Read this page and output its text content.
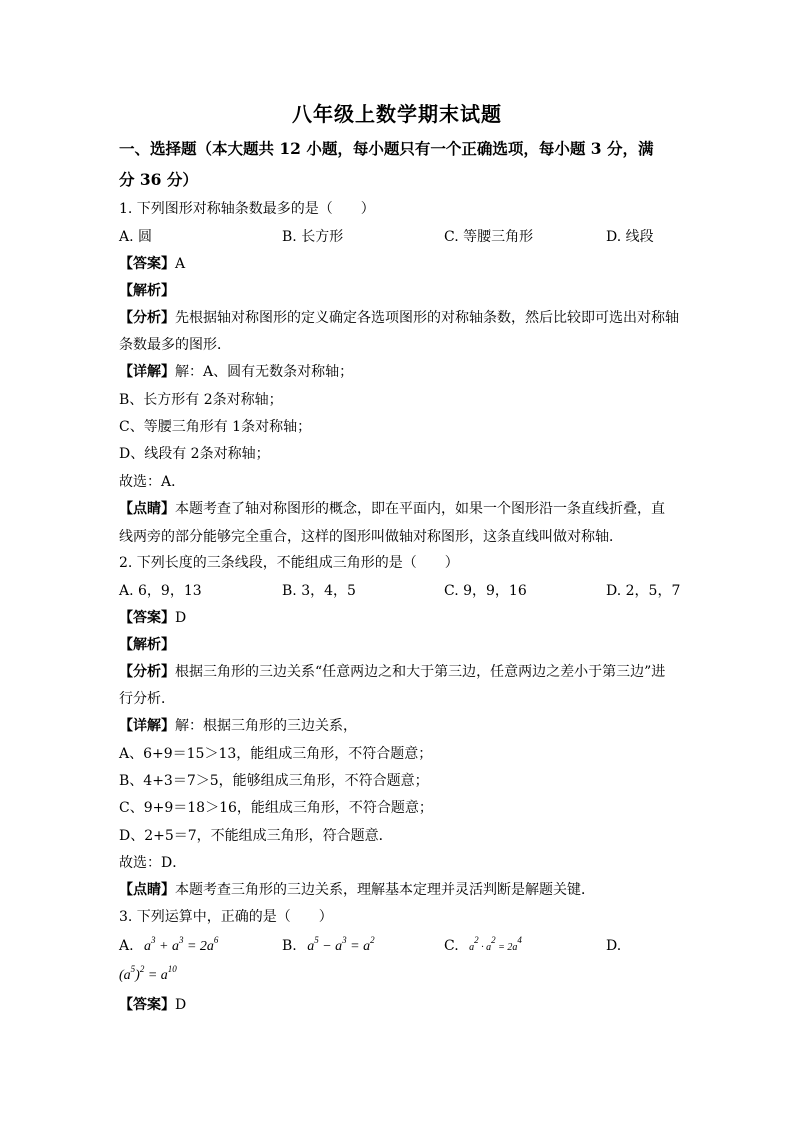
八年级上数学期末试题
一、选择题（本大题共 12 小题，每小题只有一个正确选项，每小题 3 分，满
分 36 分）
1. 下列图形对称轴条数最多的是（　　）
A. 圆	B. 长方形	C. 等腰三角形	D. 线段
【答案】A
【解析】
【分析】先根据轴对称图形的定义确定各选项图形的对称轴条数，然后比较即可选出对称轴
条数最多的图形．
【详解】解：A、圆有无数条对称轴；
B、长方形有 2条对称轴；
C、等腰三角形有 1条对称轴；
D、线段有 2条对称轴；
故选：A．
【点睛】本题考查了轴对称图形的概念，即在平面内，如果一个图形沿一条直线折叠，直
线两旁的部分能够完全重合，这样的图形叫做轴对称图形，这条直线叫做对称轴．
2. 下列长度的三条线段，不能组成三角形的是（　　）
A. 6，9，13	B. 3，4，5	C. 9，9，16	D. 2，5，7
【答案】D
【解析】
【分析】根据三角形的三边关系“任意两边之和大于第三边，任意两边之差小于第三边”进
行分析．
【详解】解：根据三角形的三边关系，
A、6+9＝15＞13，能组成三角形，不符合题意；
B、4+3＝7＞5，能够组成三角形，不符合题意；
C、9+9＝18＞16，能组成三角形，不符合题意；
D、2+5＝7，不能组成三角形，符合题意．
故选：D．
【点睛】本题考查三角形的三边关系，理解基本定理并灵活判断是解题关键．
3. 下列运算中，正确的是（　　）
A. $a^3 + a^3 = 2a^6$	B. $a^5 - a^3 = a^2$	C. $a^2 \cdot a^2 = 2a^4$	D.
$(a^5)^2 = a^{10}$
【答案】D
